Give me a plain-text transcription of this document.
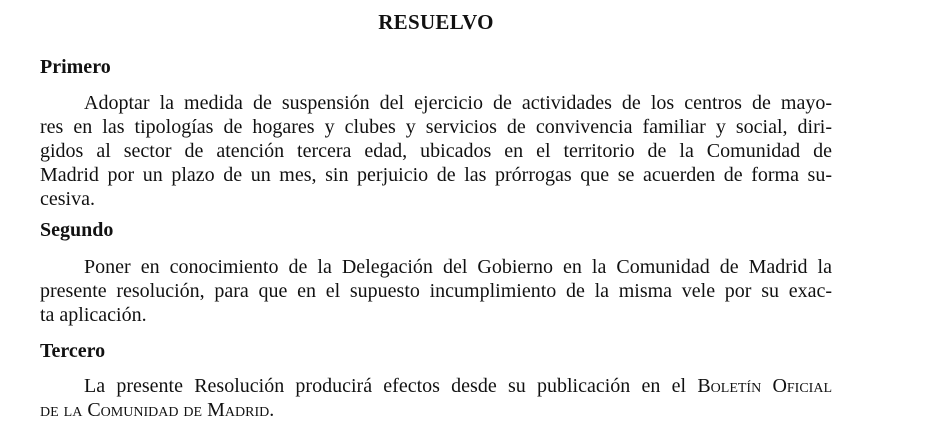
RESUELVO
Primero
Adoptar la medida de suspensión del ejercicio de actividades de los centros de mayo-
res en las tipologías de hogares y clubes y servicios de convivencia familiar y social, diri-
gidos al sector de atención tercera edad, ubicados en el territorio de la Comunidad de
Madrid por un plazo de un mes, sin perjuicio de las prórrogas que se acuerden de forma su-
cesiva.
Segundo
Poner en conocimiento de la Delegación del Gobierno en la Comunidad de Madrid la
presente resolución, para que en el supuesto incumplimiento de la misma vele por su exac-
ta aplicación.
Tercero
La presente Resolución producirá efectos desde su publicación en el Boletín Oficial
de la Comunidad de Madrid.
